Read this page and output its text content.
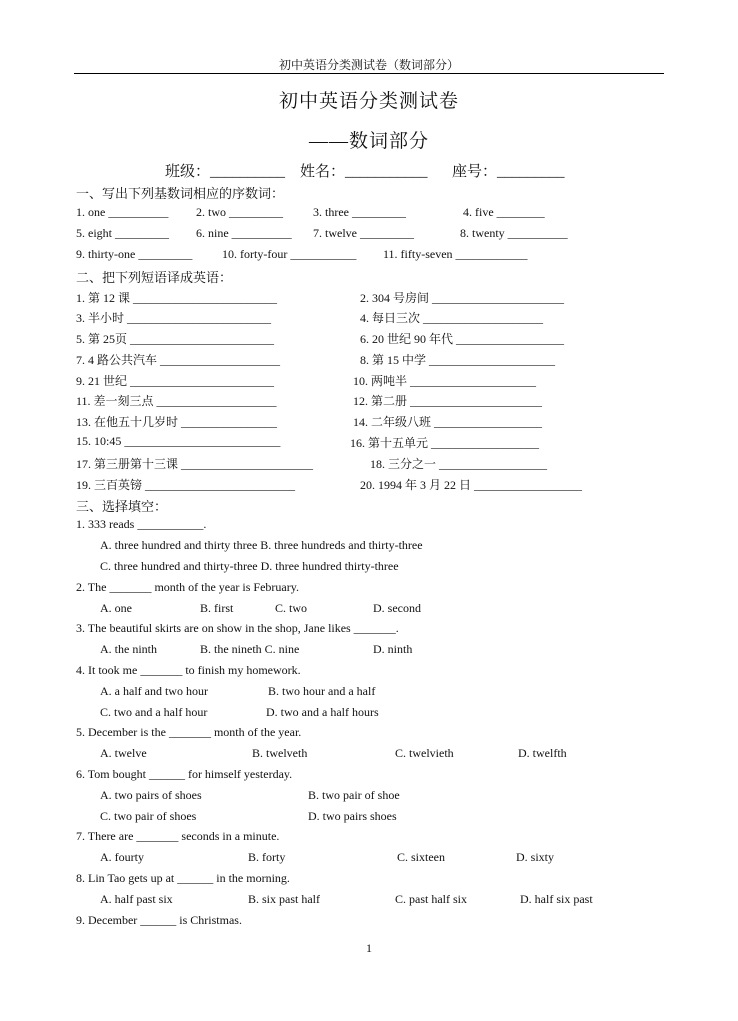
初中英语分类测试卷（数词部分）
初中英语分类测试卷
——数词部分
班级：__________ 姓名：___________ 座号：_________
一、写出下列基数词相应的序数词：
1. one __________ 2. two _________	3. three _________	4. five ________
5. eight _________ 6. nine __________ 7. twelve _________	8. twenty __________
9. thirty-one _________ 10. forty-four ___________ 11. fifty-seven ____________
二、把下列短语译成英语：
1. 第 12 课 ________________________	2. 304 号房间 ______________________
3. 半小时 ________________________	4. 每日三次 ____________________
5. 第 25页 ________________________	6. 20 世纪 90 年代 __________________
7. 4 路公共汽车 ____________________	8. 第 15 中学 _____________________
9. 21 世纪 ________________________	10. 两吨半 _____________________
11. 差一刻三点 ____________________	12. 第二册 ______________________
13. 在他五十几岁时 ________________	14. 二年级八班 __________________
15. 10:45 __________________________	16. 第十五单元 __________________
17. 第三册第十三课 ______________________	18. 三分之一 __________________
19. 三百英镑 _________________________	20. 1994 年 3 月 22 日 __________________
三、选择填空：
1. 333 reads ___________.
A. three hundred and thirty three B. three hundreds and thirty-three
C. three hundred and thirty-three D. three hundred thirty-three
2. The _______ month of the year is February.
A. one	B. first	C. two	D. second
3. The beautiful skirts are on show in the shop, Jane likes _______.
A. the ninth	B. the nineth C. nine	D. ninth
4. It took me _______ to finish my homework.
A. a half and two hour	B. two hour and a half
C. two and a half hour	D. two and a half hours
5. December is the _______ month of the year.
A. twelve	B. twelveth	C. twelvieth	D. twelfth
6. Tom bought ______ for himself yesterday.
A. two pairs of shoes	B. two pair of shoe
C. two pair of shoes	D. two pairs shoes
7. There are _______ seconds in a minute.
A. fourty	B. forty	C. sixteen	D. sixty
8. Lin Tao gets up at ______ in the morning.
A. half past six	B. six past half	C. past half six	D. half six past
9. December ______ is Christmas.
1
